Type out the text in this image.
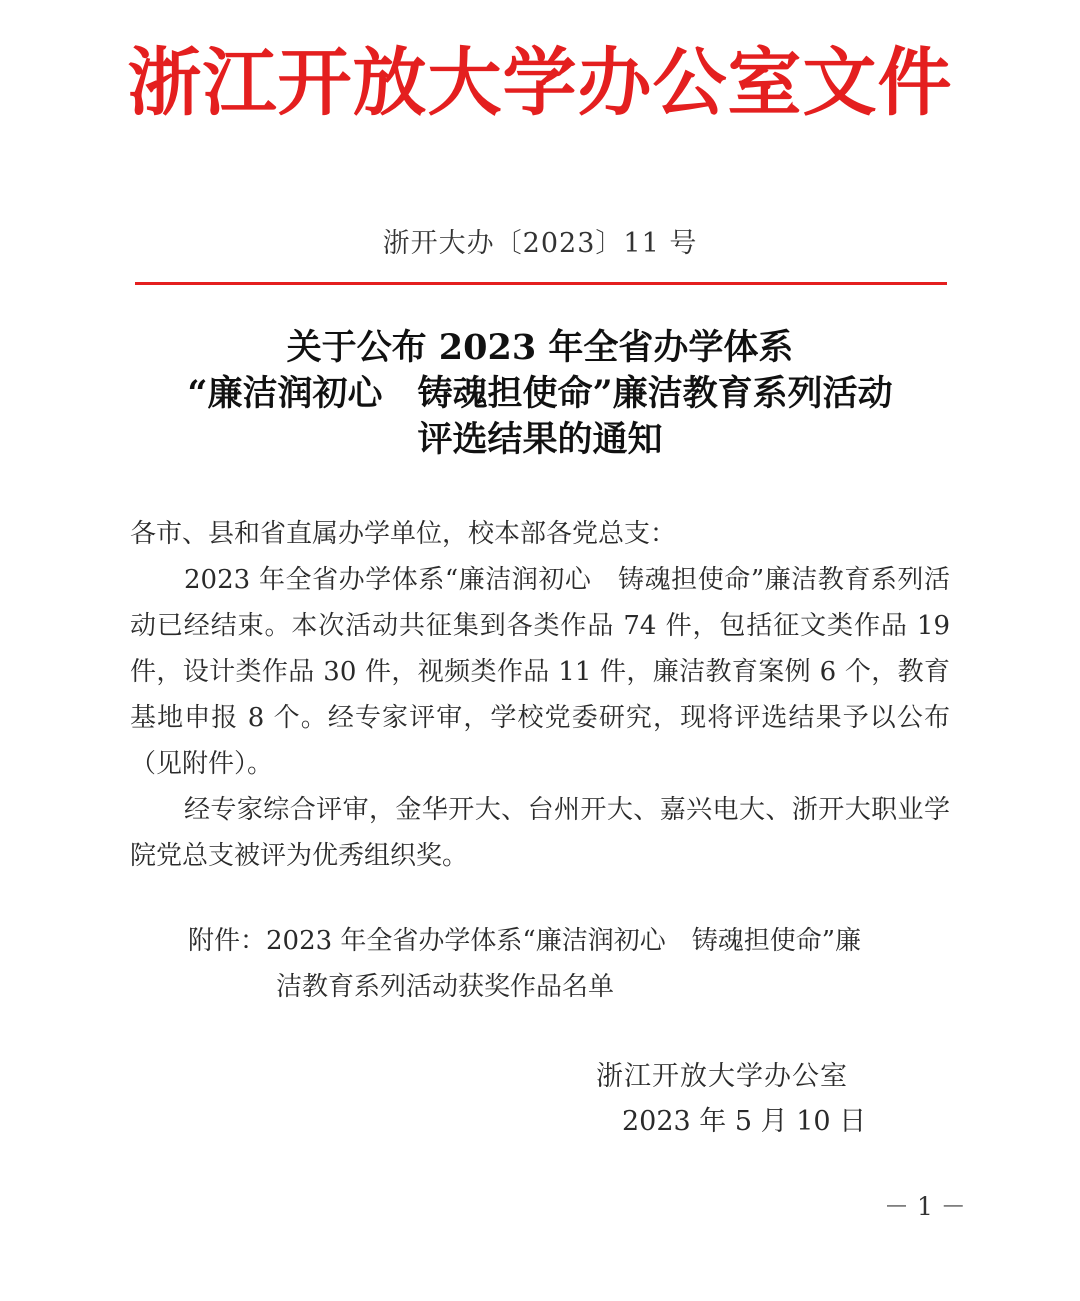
浙江开放大学办公室文件
浙开大办〔2023〕11 号
关于公布 2023 年全省办学体系
“廉洁润初心　铸魂担使命”廉洁教育系列活动
评选结果的通知

各市、县和省直属办学单位，校本部各党总支：

2023 年全省办学体系“廉洁润初心　铸魂担使命”廉洁教育系列活动已经结束。本次活动共征集到各类作品 74 件，包括征文类作品 19 件，设计类作品 30 件，视频类作品 11 件，廉洁教育案例 6 个，教育基地申报 8 个。经专家评审，学校党委研究，现将评选结果予以公布（见附件）。

经专家综合评审，金华开大、台州开大、嘉兴电大、浙开大职业学院党总支被评为优秀组织奖。

附件：2023 年全省办学体系“廉洁润初心　铸魂担使命”廉
洁教育系列活动获奖作品名单
浙江开放大学办公室
2023 年 5 月 10 日
－ 1 －
